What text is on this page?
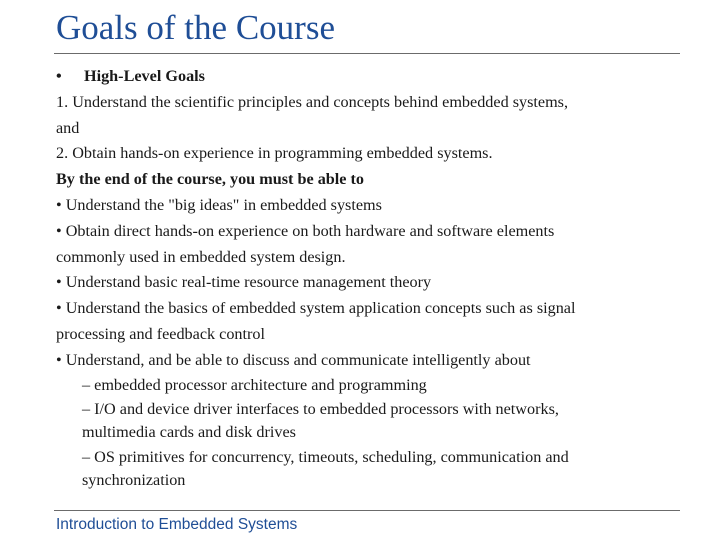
Goals of the Course
• High-Level Goals
1. Understand the scientific principles and concepts behind embedded systems,
and
2. Obtain hands-on experience in programming embedded systems.
By the end of the course, you must be able to
• Understand the "big ideas" in embedded systems
• Obtain direct hands-on experience on both hardware and software elements
commonly used in embedded system design.
• Understand basic real-time resource management theory
• Understand the basics of embedded system application concepts such as signal
processing and feedback control
• Understand, and be able to discuss and communicate intelligently about
– embedded processor architecture and programming
– I/O and device driver interfaces to embedded processors with networks,
multimedia cards and disk drives
– OS primitives for concurrency, timeouts, scheduling, communication and
synchronization
Introduction to Embedded Systems
